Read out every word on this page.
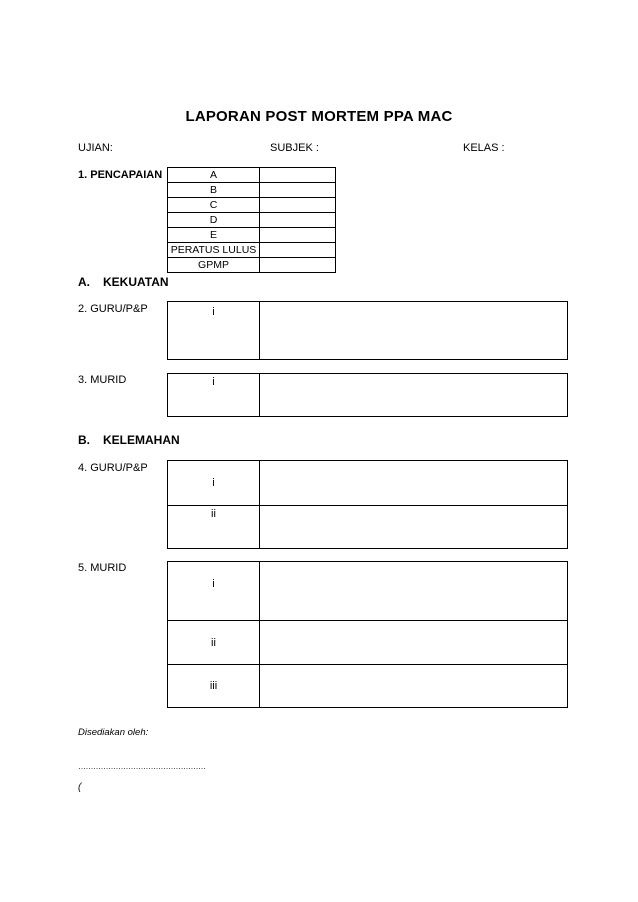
LAPORAN POST MORTEM PPA MAC
UJIAN:	SUBJEK :	KELAS :
1. PENCAPAIAN	A	
B	
C	
D	
E	
PERATUS LULUS	
GPMP	
A. KEKUATAN
2. GURU/P&P	i
3. MURID	i
B. KELEMAHAN
4. GURU/P&P
i
ii
5. MURID
i
ii
iii
Disediakan oleh:
……………………………………………
(
